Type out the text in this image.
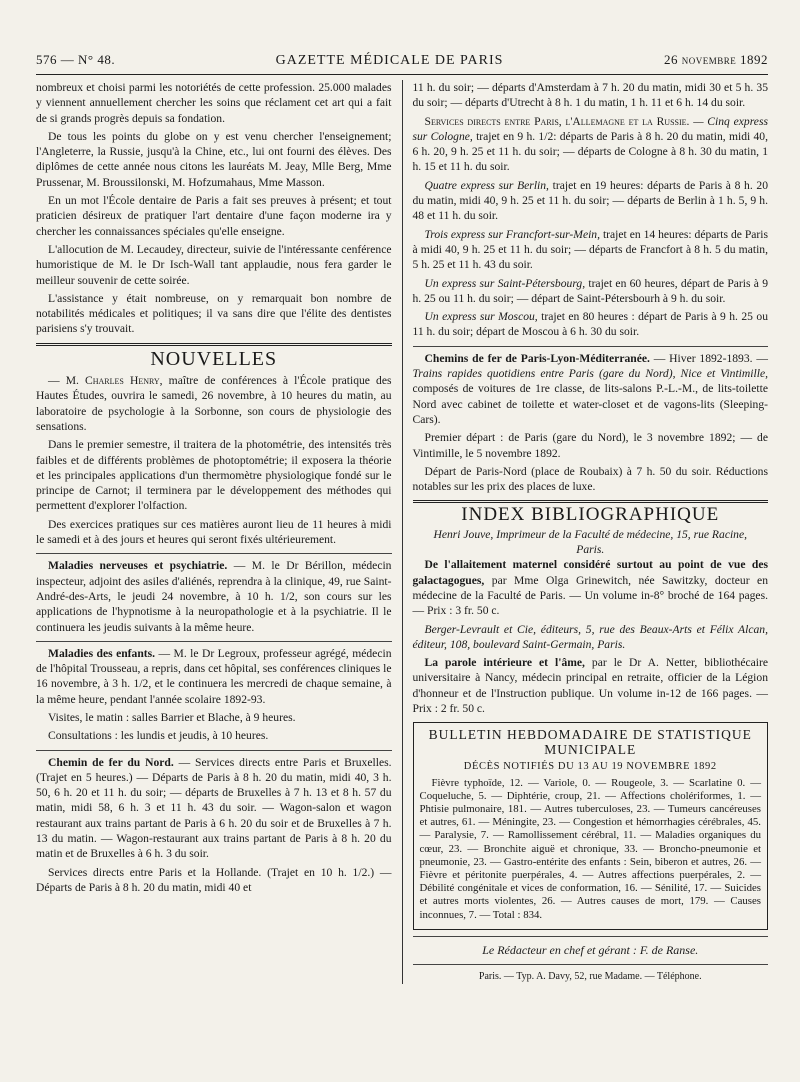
576 — N° 48.	GAZETTE MÉDICALE DE PARIS	26 novembre 1892

nombreux et choisi parmi les notoriétés de cette profession. 25.000 malades y viennent annuellement chercher les soins que réclament cet art qui a fait de si grands progrès depuis sa fondation.

De tous les points du globe on y est venu chercher l'enseignement; l'Angleterre, la Russie, jusqu'à la Chine, etc., lui ont fourni des élèves. Des diplômes de cette année nous citons les lauréats M. Jeay, Mlle Berg, Mme Prussenar, M. Broussilonski, M. Hofzumahaus, Mme Masson.

En un mot l'École dentaire de Paris a fait ses preuves à présent; et tout praticien désireux de pratiquer l'art dentaire d'une façon moderne ira y chercher les connaissances spéciales qu'elle enseigne.

L'allocution de M. Lecaudey, directeur, suivie de l'intéressante cenférence humoristique de M. le Dr Isch-Wall tant applaudie, nous fera garder le meilleur souvenir de cette soirée.

L'assistance y était nombreuse, on y remarquait bon nombre de notabilités médicales et politiques; il va sans dire que l'élite des dentistes parisiens s'y trouvait.

NOUVELLES

— M. Charles Henry, maître de conférences à l'École pratique des Hautes Études, ouvrira le samedi, 26 novembre, à 10 heures du matin, au laboratoire de psychologie à la Sorbonne, son cours de physiologie des sensations.

Dans le premier semestre, il traitera de la photométrie, des intensités très faibles et de différents problèmes de photoptométrie; il exposera la théorie et les principales applications d'un thermomètre physiologique fondé sur le principe de Carnot; il terminera par le développement des méthodes qui permettent d'explorer l'olfaction.

Des exercices pratiques sur ces matières auront lieu de 11 heures à midi le samedi et à des jours et heures qui seront fixés ultérieurement.

Maladies nerveuses et psychiatrie. — M. le Dr Bérillon, médecin inspecteur, adjoint des asiles d'aliénés, reprendra à la clinique, 49, rue Saint-André-des-Arts, le jeudi 24 novembre, à 10 h. 1/2, son cours sur les applications de l'hypnotisme à la neuropathologie et à la psychiatrie. Il le continuera les jeudis suivants à la même heure.

Maladies des enfants. — M. le Dr Legroux, professeur agrégé, médecin de l'hôpital Trousseau, a repris, dans cet hôpital, ses conférences cliniques le 16 novembre, à 3 h. 1/2, et le continuera les mercredi de chaque semaine, à la même heure, pendant l'année scolaire 1892-93.

Visites, le matin : salles Barrier et Blache, à 9 heures.

Consultations : les lundis et jeudis, à 10 heures.

Chemin de fer du Nord. — Services directs entre Paris et Bruxelles. (Trajet en 5 heures.) — Départs de Paris à 8 h. 20 du matin, midi 40, 3 h. 50, 6 h. 20 et 11 h. du soir; — départs de Bruxelles à 7 h. 13 et 8 h. 57 du matin, midi 58, 6 h. 3 et 11 h. 43 du soir. — Wagon-salon et wagon restaurant aux trains partant de Paris à 6 h. 20 du soir et de Bruxelles à 7 h. 13 du matin. — Wagon-restaurant aux trains partant de Paris à 8 h. 20 du matin et de Bruxelles à 6 h. 3 du soir.

Services directs entre Paris et la Hollande. (Trajet en 10 h. 1/2.) — Départs de Paris à 8 h. 20 du matin, midi 40 et

11 h. du soir; — départs d'Amsterdam à 7 h. 20 du matin, midi 30 et 5 h. 35 du soir; — départs d'Utrecht à 8 h. 1 du matin, 1 h. 11 et 6 h. 14 du soir.

Services directs entre Paris, l'Allemagne et la Russie. — Cinq express sur Cologne, trajet en 9 h. 1/2: départs de Paris à 8 h. 20 du matin, midi 40, 6 h. 20, 9 h. 25 et 11 h. du soir; — départs de Cologne à 8 h. 30 du matin, 1 h. 15 et 11 h. du soir.

Quatre express sur Berlin, trajet en 19 heures: départs de Paris à 8 h. 20 du matin, midi 40, 9 h. 25 et 11 h. du soir; — départs de Berlin à 1 h. 5, 9 h. 48 et 11 h. du soir.

Trois express sur Francfort-sur-Mein, trajet en 14 heures: départs de Paris à midi 40, 9 h. 25 et 11 h. du soir; — départs de Francfort à 8 h. 5 du matin, 5 h. 25 et 11 h. 43 du soir.

Un express sur Saint-Pétersbourg, trajet en 60 heures, départ de Paris à 9 h. 25 ou 11 h. du soir; — départ de Saint-Pétersbourh à 9 h. du soir.

Un express sur Moscou, trajet en 80 heures : départ de Paris à 9 h. 25 ou 11 h. du soir; départ de Moscou à 6 h. 30 du soir.

Chemins de fer de Paris-Lyon-Méditerranée. — Hiver 1892-1893. — Trains rapides quotidiens entre Paris (gare du Nord), Nice et Vintimille, composés de voitures de 1re classe, de lits-salons P.-L.-M., de lits-toilette Nord avec cabinet de toilette et water-closet et de vagons-lits (Sleeping-Cars).

Premier départ : de Paris (gare du Nord), le 3 novembre 1892; — de Vintimille, le 5 novembre 1892.

Départ de Paris-Nord (place de Roubaix) à 7 h. 50 du soir. Réductions notables sur les prix des places de luxe.

INDEX BIBLIOGRAPHIQUE
Henri Jouve, Imprimeur de la Faculté de médecine, 15, rue Racine,
Paris.

De l'allaitement maternel considéré surtout au point de vue des galactagogues, par Mme Olga Grinewitch, née Sawitzky, docteur en médecine de la Faculté de Paris. — Un volume in-8° broché de 164 pages. — Prix : 3 fr. 50 c.

Berger-Levrault et Cie, éditeurs, 5, rue des Beaux-Arts et Félix Alcan, éditeur, 108, boulevard Saint-Germain, Paris.

La parole intérieure et l'âme, par le Dr A. Netter, bibliothécaire universitaire à Nancy, médecin principal en retraite, officier de la Légion d'honneur et de l'Instruction publique. Un volume in-12 de 166 pages. — Prix : 2 fr. 50 c.

BULLETIN HEBDOMADAIRE DE STATISTIQUE
MUNICIPALE
DÉCÈS NOTIFIÉS DU 13 AU 19 NOVEMBRE 1892

Fièvre typhoïde, 12. — Variole, 0. — Rougeole, 3. — Scarlatine 0. — Coqueluche, 5. — Diphtérie, croup, 21. — Affections cholériformes, 1. — Phtisie pulmonaire, 181. — Autres tuberculoses, 23. — Tumeurs cancéreuses et autres, 61. — Méningite, 23. — Congestion et hémorrhagies cérébrales, 45. — Paralysie, 7. — Ramollissement cérébral, 11. — Maladies organiques du cœur, 23. — Bronchite aiguë et chronique, 33. — Broncho-pneumonie et pneumonie, 23. — Gastro-entérite des enfants : Sein, biberon et autres, 26. — Fièvre et péritonite puerpérales, 4. — Autres affections puerpérales, 2. — Débilité congénitale et vices de conformation, 16. — Sénilité, 17. — Suicides et autres morts violentes, 26. — Autres causes de mort, 179. — Causes inconnues, 7. — Total : 834.

Le Rédacteur en chef et gérant : F. de Ranse.
Paris. — Typ. A. Davy, 52, rue Madame. — Téléphone.
